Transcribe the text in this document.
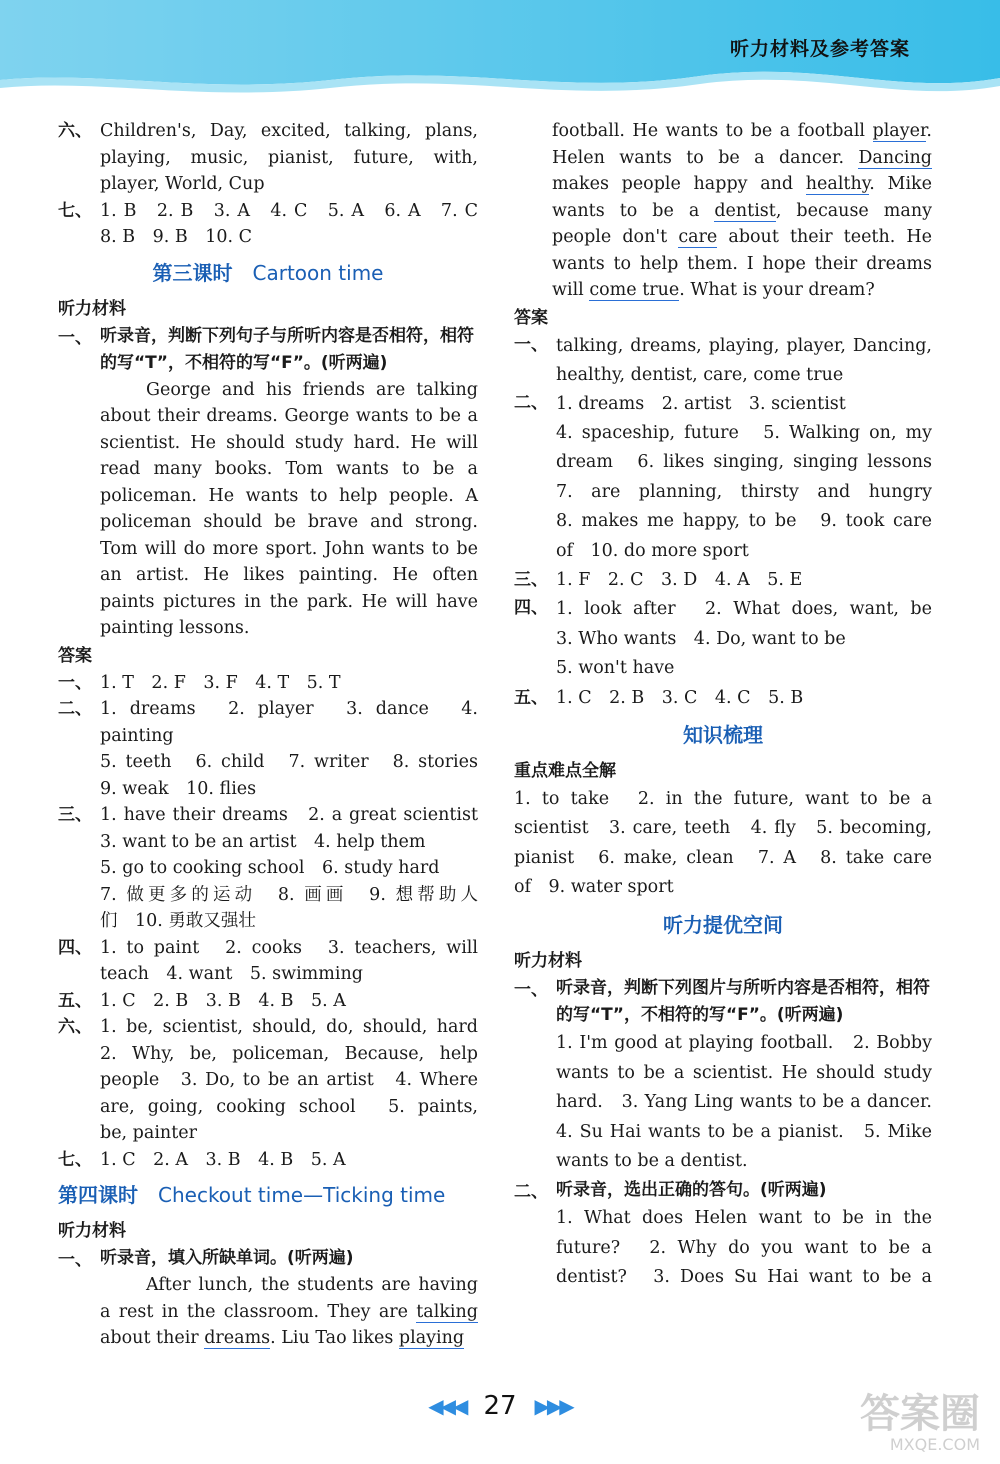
听力材料及参考答案
六、 Children's, Day, excited, talking, plans,
playing, music, pianist, future, with,
player, World, Cup
七、 1. B　2. B　3. A　4. C　5. A　6. A　7. C
8. B　9. B　10. C
第三课时 Cartoon time
听力材料
一、 听录音，判断下列句子与所听内容是否相符，相符的写“T”，不相符的写“F”。(听两遍)
George and his friends are talking about their dreams. George wants to be a scientist. He should study hard. He will read many books. Tom wants to be a policeman. He wants to help people. A policeman should be brave and strong. Tom will do more sport. John wants to be an artist. He likes painting. He often paints pictures in the park. He will have painting lessons.
答案
一、 1. T　2. F　3. F　4. T　5. T
二、 1. dreams　2. player　3. dance　4. painting
5. teeth　6. child　7. writer　8. stories
9. weak　10. flies
三、 1. have their dreams　2. a great scientist
3. want to be an artist　4. help them
5. go to cooking school　6. study hard
7. 做更多的运动　8. 画画　9. 想帮助人
们　10. 勇敢又强壮
四、 1. to paint　2. cooks　3. teachers, will
teach　4. want　5. swimming
五、 1. C　2. B　3. B　4. B　5. A
六、 1. be, scientist, should, do, should, hard
2. Why, be, policeman, Because, help
people　3. Do, to be an artist　4. Where
are, going, cooking school　5. paints,
be, painter
七、 1. C　2. A　3. B　4. B　5. A
第四课时 Checkout time—Ticking time
听力材料
一、 听录音，填入所缺单词。(听两遍)
After lunch, the students are having a rest in the classroom. They are talking about their dreams. Liu Tao likes playing
football. He wants to be a football player. Helen wants to be a dancer. Dancing makes people happy and healthy. Mike wants to be a dentist, because many people don't care about their teeth. He wants to help them. I hope their dreams will come true. What is your dream?
答案
一、 talking, dreams, playing, player, Dancing,
healthy, dentist, care, come true
二、 1. dreams　2. artist　3. scientist
4. spaceship, future　5. Walking on, my
dream　6. likes singing, singing lessons
7. are planning, thirsty and hungry
8. makes me happy, to be　9. took care
of　10. do more sport
三、 1. F　2. C　3. D　4. A　5. E
四、 1. look after　2. What does, want, be
3. Who wants　4. Do, want to be
5. won't have
五、 1. C　2. B　3. C　4. C　5. B
知识梳理
重点难点全解
1. to take　2. in the future, want to be a
scientist　3. care, teeth　4. fly　5. becoming,
pianist　6. make, clean　7. A　8. take care
of　9. water sport
听力提优空间
听力材料
一、 听录音，判断下列图片与所听内容是否相符，相符的写“T”，不相符的写“F”。(听两遍)
1. I'm good at playing football.　2. Bobby
wants to be a scientist. He should study
hard.　3. Yang Ling wants to be a dancer.
4. Su Hai wants to be a pianist.　5. Mike
wants to be a dentist.
二、 听录音，选出正确的答句。(听两遍)
1. What does Helen want to be in the
future?　2. Why do you want to be a
dentist?　3. Does Su Hai want to be a
◀◀◀ 27 ▶▶▶	答案圈
MXQE.COM
